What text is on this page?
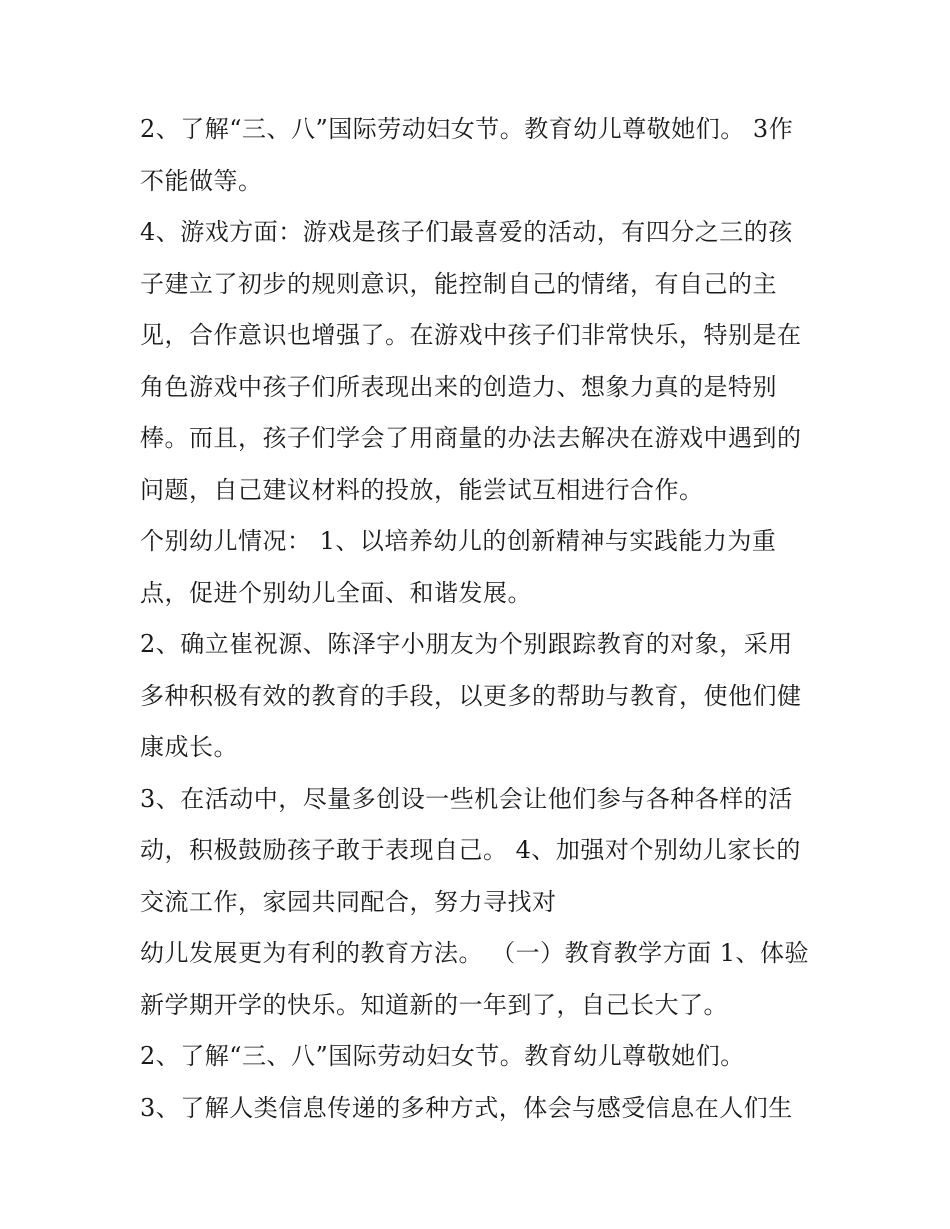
2、了解“三、八”国际劳动妇女节。教育幼儿尊敬她们。 3作
不能做等。
4、游戏方面：游戏是孩子们最喜爱的活动，有四分之三的孩
子建立了初步的规则意识，能控制自己的情绪，有自己的主
见，合作意识也增强了。在游戏中孩子们非常快乐，特别是在
角色游戏中孩子们所表现出来的创造力、想象力真的是特别
棒。而且，孩子们学会了用商量的办法去解决在游戏中遇到的
问题，自己建议材料的投放，能尝试互相进行合作。
个别幼儿情况： 1、以培养幼儿的创新精神与实践能力为重
点，促进个别幼儿全面、和谐发展。
2、确立崔祝源、陈泽宇小朋友为个别跟踪教育的对象，采用
多种积极有效的教育的手段，以更多的帮助与教育，使他们健
康成长。
3、在活动中，尽量多创设一些机会让他们参与各种各样的活
动，积极鼓励孩子敢于表现自己。 4、加强对个别幼儿家长的
交流工作，家园共同配合，努力寻找对
幼儿发展更为有利的教育方法。 （一）教育教学方面 1、体验
新学期开学的快乐。知道新的一年到了，自己长大了。
2、了解“三、八”国际劳动妇女节。教育幼儿尊敬她们。
3、了解人类信息传递的多种方式，体会与感受信息在人们生
